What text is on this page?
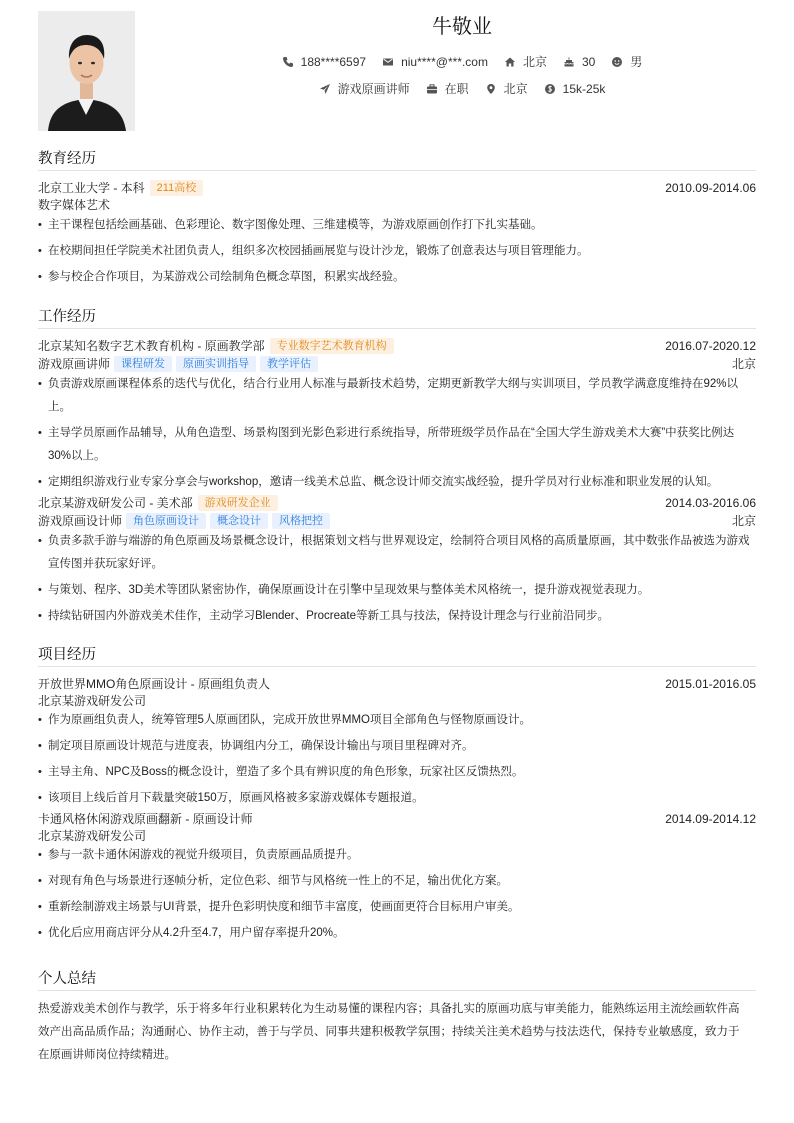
牛敬业
188****6597	niu****@***.com	北京	30	男
游戏原画讲师	在职	北京	15k-25k
教育经历
北京工业大学 - 本科	211高校	2010.09-2014.06
数字媒体艺术
• 主干课程包括绘画基础、色彩理论、数字图像处理、三维建模等，为游戏原画创作打下扎实基础。
• 在校期间担任学院美术社团负责人，组织多次校园插画展览与设计沙龙，锻炼了创意表达与项目管理能力。
• 参与校企合作项目，为某游戏公司绘制角色概念草图，积累实战经验。
工作经历
北京某知名数字艺术教育机构 - 原画教学部	专业数字艺术教育机构	2016.07-2020.12
游戏原画讲师	课程研发	原画实训指导	教学评估	北京
• 负责游戏原画课程体系的迭代与优化，结合行业用人标准与最新技术趋势，定期更新教学大纲与实训项目，学员教学满意度维持在92%以上。
• 主导学员原画作品辅导，从角色造型、场景构图到光影色彩进行系统指导，所带班级学员作品在“全国大学生游戏美术大赛”中获奖比例达30%以上。
• 定期组织游戏行业专家分享会与workshop，邀请一线美术总监、概念设计师交流实战经验，提升学员对行业标准和职业发展的认知。
北京某游戏研发公司 - 美术部	游戏研发企业	2014.03-2016.06
游戏原画设计师	角色原画设计	概念设计	风格把控	北京
• 负责多款手游与端游的角色原画及场景概念设计，根据策划文档与世界观设定，绘制符合项目风格的高质量原画，其中数张作品被选为游戏宣传图并获玩家好评。
• 与策划、程序、3D美术等团队紧密协作，确保原画设计在引擎中呈现效果与整体美术风格统一，提升游戏视觉表现力。
• 持续钻研国内外游戏美术佳作，主动学习Blender、Procreate等新工具与技法，保持设计理念与行业前沿同步。
项目经历
开放世界MMO角色原画设计 - 原画组负责人	2015.01-2016.05
北京某游戏研发公司
• 作为原画组负责人，统筹管理5人原画团队，完成开放世界MMO项目全部角色与怪物原画设计。
• 制定项目原画设计规范与进度表，协调组内分工，确保设计输出与项目里程碑对齐。
• 主导主角、NPC及Boss的概念设计，塑造了多个具有辨识度的角色形象，玩家社区反馈热烈。
• 该项目上线后首月下载量突破150万，原画风格被多家游戏媒体专题报道。
卡通风格休闲游戏原画翻新 - 原画设计师	2014.09-2014.12
北京某游戏研发公司
• 参与一款卡通休闲游戏的视觉升级项目，负责原画品质提升。
• 对现有角色与场景进行逐帧分析，定位色彩、细节与风格统一性上的不足，输出优化方案。
• 重新绘制游戏主场景与UI背景，提升色彩明快度和细节丰富度，使画面更符合目标用户审美。
• 优化后应用商店评分从4.2升至4.7，用户留存率提升20%。
个人总结
热爱游戏美术创作与教学，乐于将多年行业积累转化为生动易懂的课程内容；具备扎实的原画功底与审美能力，能熟练运用主流绘画软件高效产出高品质作品；沟通耐心、协作主动，善于与学员、同事共建积极教学氛围；持续关注美术趋势与技法迭代，保持专业敏感度，致力于在原画讲师岗位持续精进。
